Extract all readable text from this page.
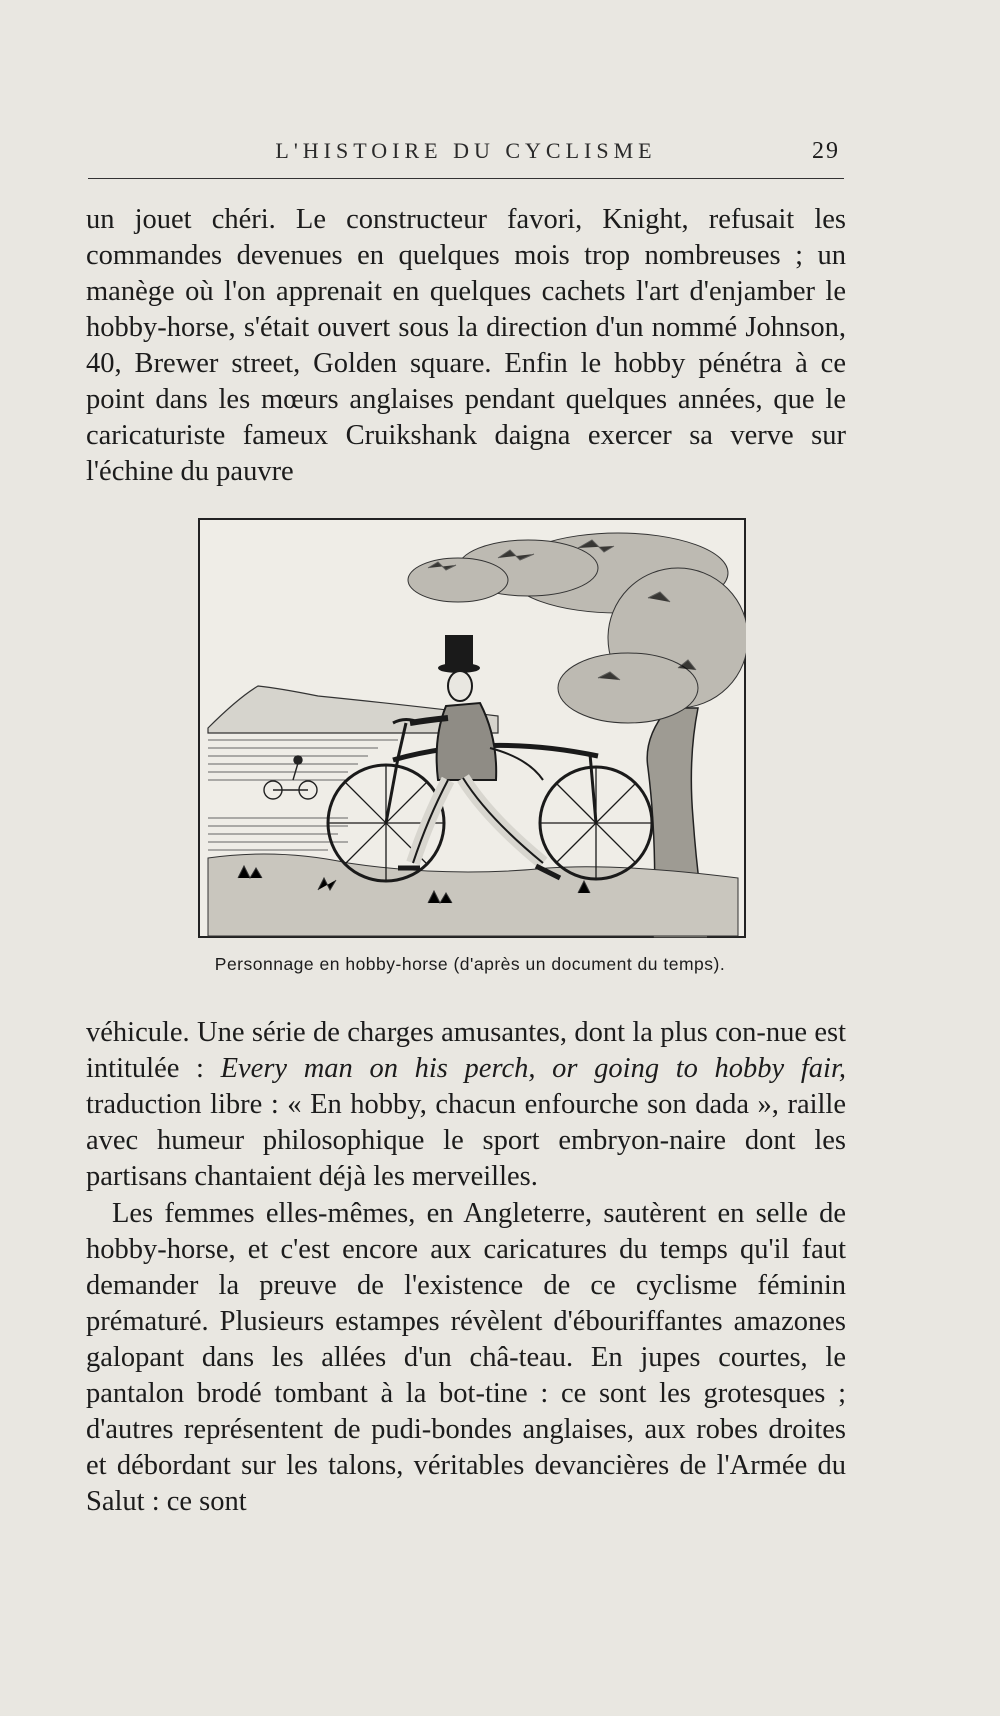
L'HISTOIRE DU CYCLISME	29

un jouet chéri. Le constructeur favori, Knight, refusait les commandes devenues en quelques mois trop nombreuses ; un manège où l'on apprenait en quelques cachets l'art d'enjamber le hobby-horse, s'était ouvert sous la direction d'un nommé Johnson, 40, Brewer street, Golden square. Enfin le hobby pénétra à ce point dans les mœurs anglaises pendant quelques années, que le caricaturiste fameux Cruikshank daigna exercer sa verve sur l'échine du pauvre

Personnage en hobby-horse (d'après un document du temps).

véhicule. Une série de charges amusantes, dont la plus con-nue est intitulée : Every man on his perch, or going to hobby fair, traduction libre : « En hobby, chacun enfourche son dada », raille avec humeur philosophique le sport embryon-naire dont les partisans chantaient déjà les merveilles.

Les femmes elles-mêmes, en Angleterre, sautèrent en selle de hobby-horse, et c'est encore aux caricatures du temps qu'il faut demander la preuve de l'existence de ce cyclisme féminin prématuré. Plusieurs estampes révèlent d'ébouriffantes amazones galopant dans les allées d'un châ-teau. En jupes courtes, le pantalon brodé tombant à la bot-tine : ce sont les grotesques ; d'autres représentent de pudi-bondes anglaises, aux robes droites et débordant sur les talons, véritables devancières de l'Armée du Salut : ce sont
